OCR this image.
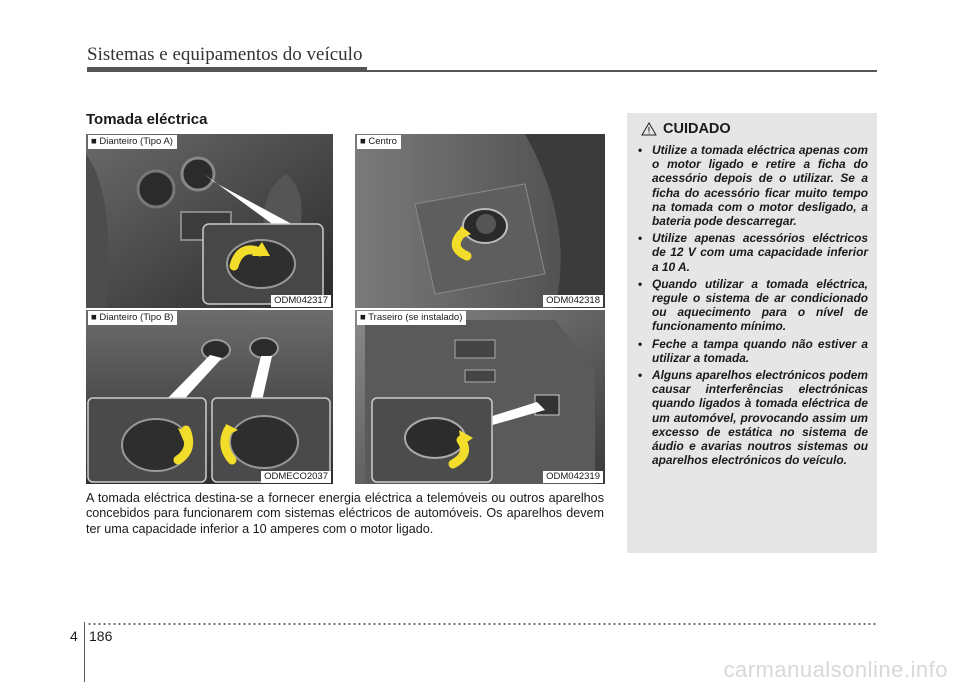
Sistemas e equipamentos do veículo
Tomada eléctrica
■ Dianteiro (Tipo A)
ODM042317
■ Centro
ODM042318
■ Dianteiro (Tipo B)
ODMECO2037
■ Traseiro (se instalado)
ODM042319
A tomada eléctrica destina-se a fornecer energia eléctrica a telemóveis ou outros aparelhos concebidos para funcionarem com sistemas eléctricos de automóveis. Os aparelhos devem ter uma capacidade inferior a 10 amperes com o motor ligado.
CUIDADO
• Utilize a tomada eléctrica apenas com o motor ligado e retire a ficha do acessório depois de o utilizar. Se a ficha do acessório ficar muito tempo na tomada com o motor desligado, a bateria pode descarregar.
• Utilize apenas acessórios eléctricos de 12 V com uma capacidade inferior a 10 A.
• Quando utilizar a tomada eléctrica, regule o sistema de ar condicionado ou aquecimento para o nível de funcionamento mínimo.
• Feche a tampa quando não estiver a utilizar a tomada.
• Alguns aparelhos electrónicos podem causar interferências electrónicas quando ligados à tomada eléctrica de um automóvel, provocando assim um excesso de estática no sistema de áudio e avarias noutros sistemas ou aparelhos electrónicos do veículo.
4 186
carmanualsonline.info
